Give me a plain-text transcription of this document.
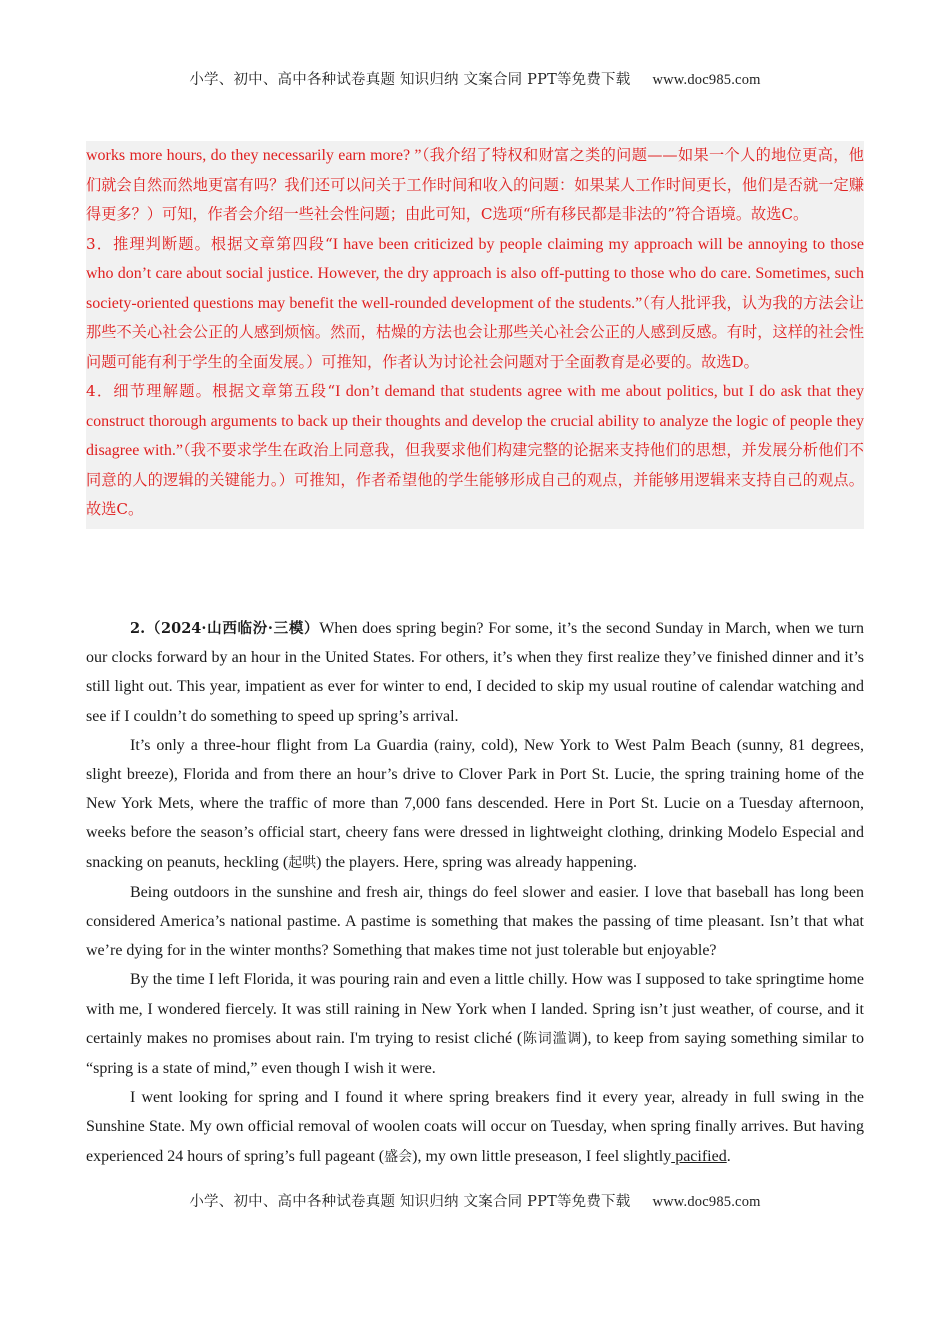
小学、初中、高中各种试卷真题 知识归纳 文案合同 PPT等免费下载 www.doc985.com

works more hours, do they necessarily earn more? ”（我介绍了特权和财富之类的问题——如果一个人的地位更高，他们就会自然而然地更富有吗？我们还可以问关于工作时间和收入的问题：如果某人工作时间更长，他们是否就一定赚得更多？）可知，作者会介绍一些社会性问题；由此可知，C选项“所有移民都是非法的”符合语境。故选C。

3．推理判断题。根据文章第四段“I have been criticized by people claiming my approach will be annoying to those who don’t care about social justice. However, the dry approach is also off-putting to those who do care. Sometimes, such society-oriented questions may benefit the well-rounded development of the students.”（有人批评我，认为我的方法会让那些不关心社会公正的人感到烦恼。然而，枯燥的方法也会让那些关心社会公正的人感到反感。有时，这样的社会性问题可能有利于学生的全面发展。）可推知，作者认为讨论社会问题对于全面教育是必要的。故选D。

4．细节理解题。根据文章第五段“I don’t demand that students agree with me about politics, but I do ask that they construct thorough arguments to back up their thoughts and develop the crucial ability to analyze the logic of people they disagree with.”（我不要求学生在政治上同意我，但我要求他们构建完整的论据来支持他们的思想，并发展分析他们不同意的人的逻辑的关键能力。）可推知，作者希望他的学生能够形成自己的观点，并能够用逻辑来支持自己的观点。故选C。

2.（2024·山西临汾·三模）When does spring begin? For some, it’s the second Sunday in March, when we turn our clocks forward by an hour in the United States. For others, it’s when they first realize they’ve finished dinner and it’s still light out. This year, impatient as ever for winter to end, I decided to skip my usual routine of calendar watching and see if I couldn’t do something to speed up spring’s arrival.

It’s only a three-hour flight from La Guardia (rainy, cold), New York to West Palm Beach (sunny, 81 degrees, slight breeze), Florida and from there an hour’s drive to Clover Park in Port St. Lucie, the spring training home of the New York Mets, where the traffic of more than 7,000 fans descended. Here in Port St. Lucie on a Tuesday afternoon, weeks before the season’s official start, cheery fans were dressed in lightweight clothing, drinking Modelo Especial and snacking on peanuts, heckling (起哄) the players. Here, spring was already happening.

Being outdoors in the sunshine and fresh air, things do feel slower and easier. I love that baseball has long been considered America’s national pastime. A pastime is something that makes the passing of time pleasant. Isn’t that what we’re dying for in the winter months? Something that makes time not just tolerable but enjoyable?

By the time I left Florida, it was pouring rain and even a little chilly. How was I supposed to take springtime home with me, I wondered fiercely. It was still raining in New York when I landed. Spring isn’t just weather, of course, and it certainly makes no promises about rain. I'm trying to resist cliché (陈词滥调), to keep from saying something similar to “spring is a state of mind,” even though I wish it were.

I went looking for spring and I found it where spring breakers find it every year, already in full swing in the Sunshine State. My own official removal of woolen coats will occur on Tuesday, when spring finally arrives. But having experienced 24 hours of spring’s full pageant (盛会), my own little preseason, I feel slightly pacified.

小学、初中、高中各种试卷真题 知识归纳 文案合同 PPT等免费下载 www.doc985.com
